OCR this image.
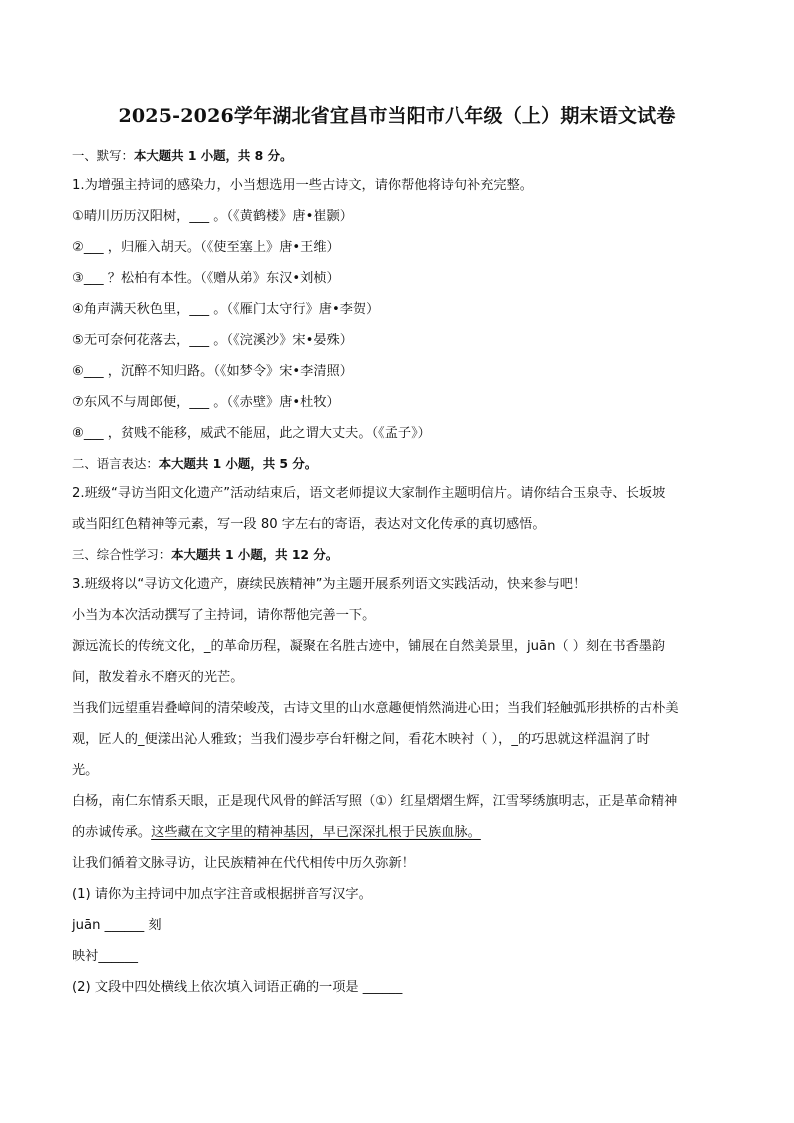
2025-2026学年湖北省宜昌市当阳市八年级（上）期末语文试卷

一、默写：本大题共 1 小题，共 8 分。

1.为增强主持词的感染力，小当想选用一些古诗文，请你帮他将诗句补充完整。

①晴川历历汉阳树，___ 。（《黄鹤楼》唐•崔颢）

②___ ，归雁入胡天。（《使至塞上》唐•王维）

③___ ？松柏有本性。（《赠从弟》东汉•刘桢）

④角声满天秋色里，___ 。（《雁门太守行》唐•李贺）

⑤无可奈何花落去，___ 。（《浣溪沙》宋•晏殊）

⑥___ ，沉醉不知归路。（《如梦令》宋•李清照）

⑦东风不与周郎便，___ 。（《赤壁》唐•杜牧）

⑧___ ，贫贱不能移，威武不能屈，此之谓大丈夫。（《孟子》）

二、语言表达：本大题共 1 小题，共 5 分。

2.班级“寻访当阳文化遗产”活动结束后，语文老师提议大家制作主题明信片。请你结合玉泉寺、长坂坡

或当阳红色精神等元素，写一段 80 字左右的寄语，表达对文化传承的真切感悟。

三、综合性学习：本大题共 1 小题，共 12 分。

3.班级将以“寻访文化遗产，赓续民族精神”为主题开展系列语文实践活动，快来参与吧！

小当为本次活动撰写了主持词，请你帮他完善一下。

源远流长的传统文化，_的革命历程，凝聚在名胜古迹中，铺展在自然美景里，juān（ ）刻在书香墨韵

间，散发着永不磨灭的光芒。

当我们远望重岩叠嶂间的清荣峻茂，古诗文里的山水意趣便悄然淌进心田；当我们轻触弧形拱桥的古朴美

观，匠人的_便漾出沁人雅致；当我们漫步亭台轩榭之间，看花木映衬（ ），_的巧思就这样温润了时

光。

白杨，南仁东情系天眼，正是现代风骨的鲜活写照（①）红星熠熠生辉，江雪琴绣旗明志，正是革命精神

的赤诚传承。这些藏在文字里的精神基因，早已深深扎根于民族血脉。

让我们循着文脉寻访，让民族精神在代代相传中历久弥新！

(1) 请你为主持词中加点字注音或根据拼音写汉字。

juān ______ 刻

映衬______

(2) 文段中四处横线上依次填入词语正确的一项是 ______
